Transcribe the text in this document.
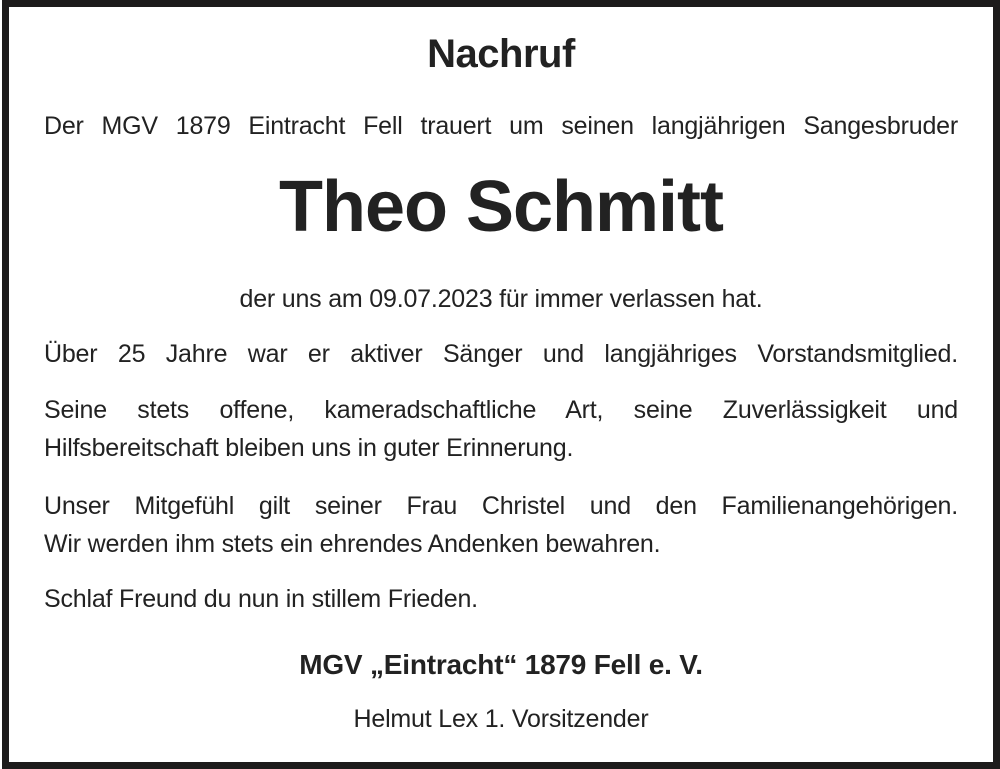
Nachruf
Der MGV 1879 Eintracht Fell trauert um seinen langjährigen Sangesbruder
Theo Schmitt
der uns am 09.07.2023 für immer verlassen hat.
Über 25 Jahre war er aktiver Sänger und langjähriges Vorstandsmitglied.
Seine stets offene, kameradschaftliche Art, seine Zuverlässigkeit und
Hilfsbereitschaft bleiben uns in guter Erinnerung.
Unser Mitgefühl gilt seiner Frau Christel und den Familienangehörigen.
Wir werden ihm stets ein ehrendes Andenken bewahren.
Schlaf Freund du nun in stillem Frieden.
MGV „Eintracht“ 1879 Fell e. V.
Helmut Lex 1. Vorsitzender
